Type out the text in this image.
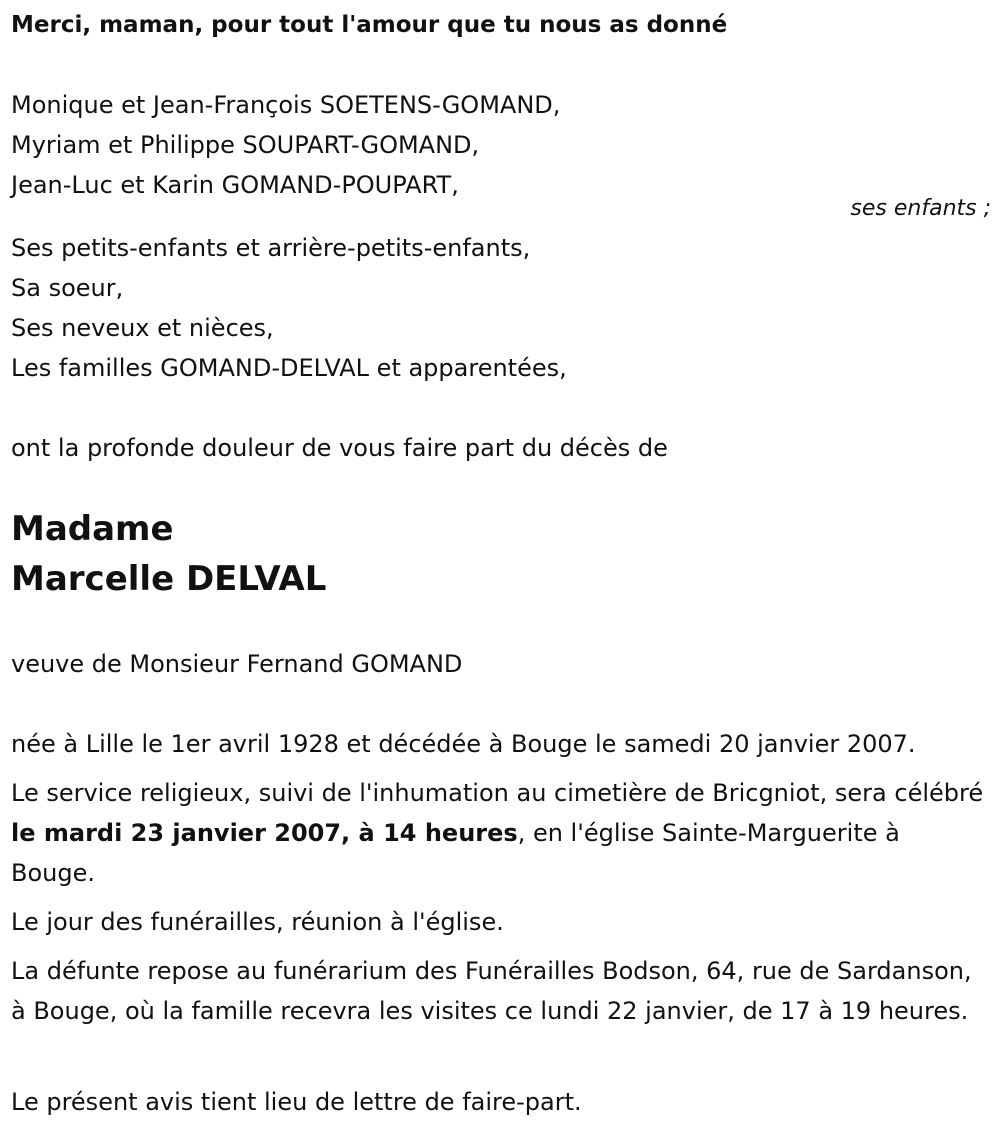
Merci, maman, pour tout l'amour que tu nous as donné
Monique et Jean-François SOETENS-GOMAND,
Myriam et Philippe SOUPART-GOMAND,
Jean-Luc et Karin GOMAND-POUPART,
ses enfants ;
Ses petits-enfants et arrière-petits-enfants,
Sa soeur,
Ses neveux et nièces,
Les familles GOMAND-DELVAL et apparentées,
ont la profonde douleur de vous faire part du décès de
Madame
Marcelle DELVAL
veuve de Monsieur Fernand GOMAND
née à Lille le 1er avril 1928 et décédée à Bouge le samedi 20 janvier 2007.
Le service religieux, suivi de l'inhumation au cimetière de Bricgniot, sera célébré le mardi 23 janvier 2007, à 14 heures, en l'église Sainte-Marguerite à Bouge.
Le jour des funérailles, réunion à l'église.
La défunte repose au funérarium des Funérailles Bodson, 64, rue de Sardanson, à Bouge, où la famille recevra les visites ce lundi 22 janvier, de 17 à 19 heures.
Le présent avis tient lieu de lettre de faire-part.
